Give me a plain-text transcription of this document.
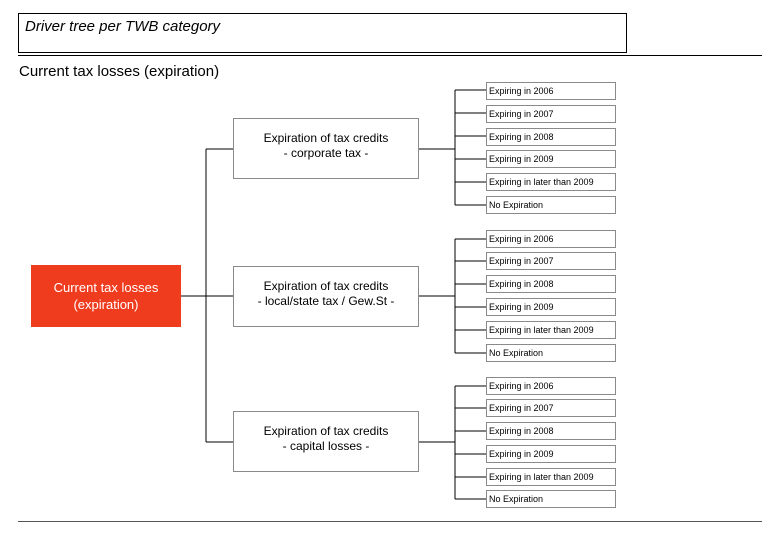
Driver tree per TWB category
Current tax losses (expiration)
Current tax losses
(expiration)
Expiration of tax credits
- corporate tax -
Expiring in 2006
Expiring in 2007
Expiring in 2008
Expiring in 2009
Expiring in later than 2009
No Expiration
Expiration of tax credits
- local/state tax / Gew.St -
Expiring in 2006
Expiring in 2007
Expiring in 2008
Expiring in 2009
Expiring in later than 2009
No Expiration
Expiration of tax credits
- capital losses -
Expiring in 2006
Expiring in 2007
Expiring in 2008
Expiring in 2009
Expiring in later than 2009
No Expiration
